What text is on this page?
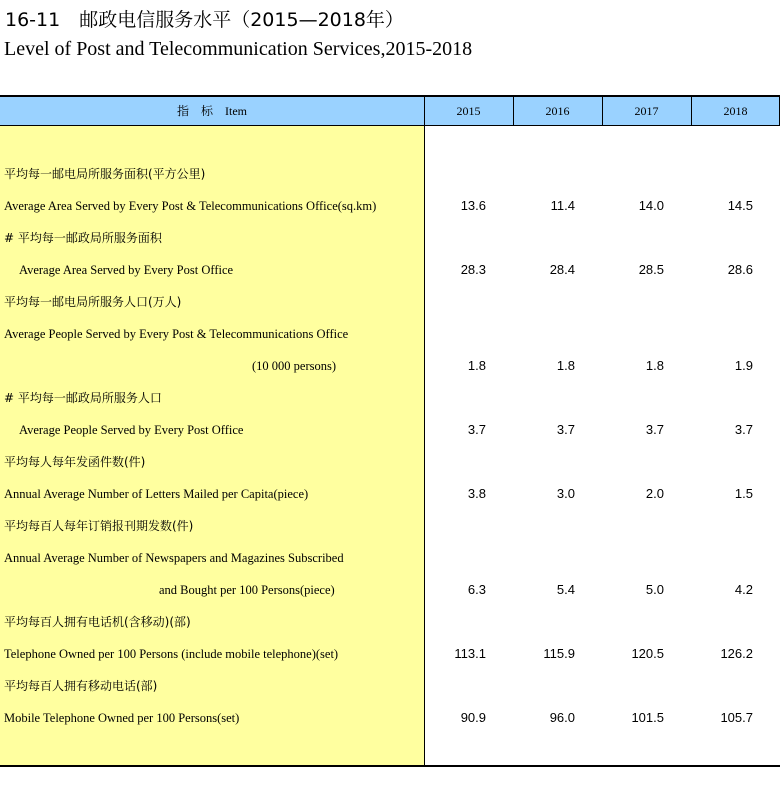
16-11　邮政电信服务水平（2015—2018年）
Level of Post and Telecommunication Services,2015-2018
指　标 Item	2015	2016	2017	2018
平均每一邮电局所服务面积(平方公里)
Average Area Served by Every Post & Telecommunications Office(sq.km)	13.6	11.4	14.0	14.5
# 平均每一邮政局所服务面积
Average Area Served by Every Post Office	28.3	28.4	28.5	28.6
平均每一邮电局所服务人口(万人)
Average People Served by Every Post & Telecommunications Office
(10 000 persons)	1.8	1.8	1.8	1.9
# 平均每一邮政局所服务人口
Average People Served by Every Post Office	3.7	3.7	3.7	3.7
平均每人每年发函件数(件)
Annual Average Number of Letters Mailed per Capita(piece)	3.8	3.0	2.0	1.5
平均每百人每年订销报刊期发数(件)
Annual Average Number of Newspapers and Magazines Subscribed
and Bought per 100 Persons(piece)	6.3	5.4	5.0	4.2
平均每百人拥有电话机(含移动)(部)
Telephone Owned per 100 Persons (include mobile telephone)(set)	113.1	115.9	120.5	126.2
平均每百人拥有移动电话(部)
Mobile Telephone Owned per 100 Persons(set)	90.9	96.0	101.5	105.7
